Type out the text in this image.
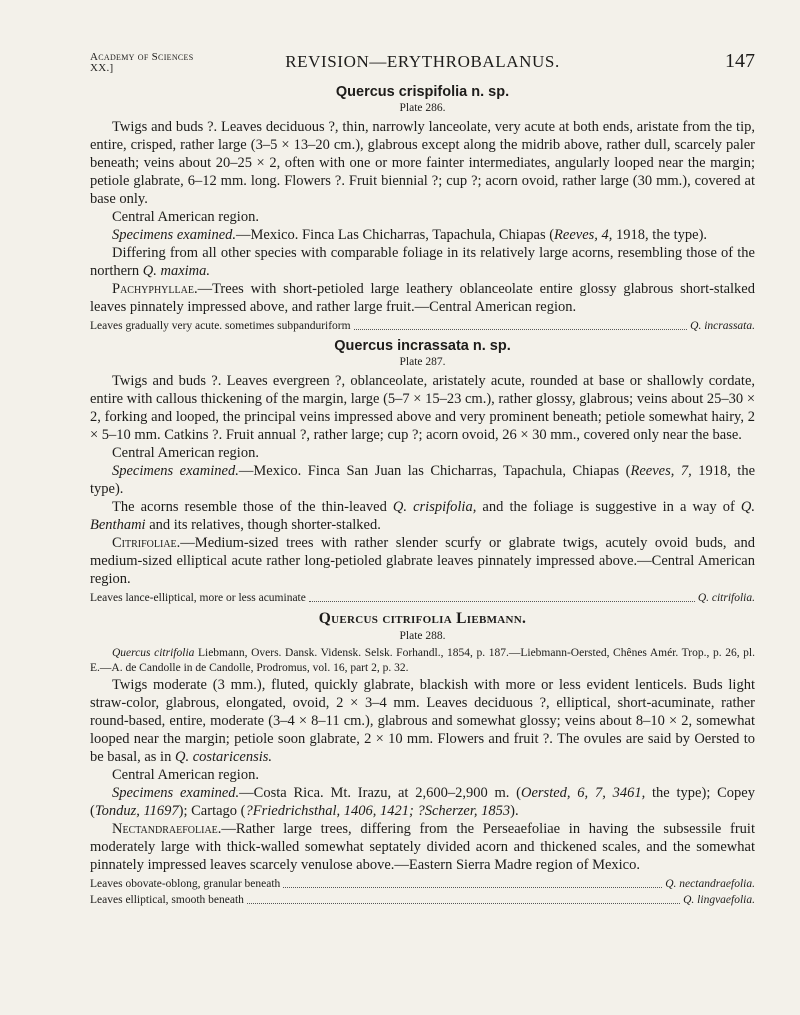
Academy of Sciences
XX.]	REVISION—ERYTHROBALANUS.	147
Quercus crispifolia n. sp.
Plate 286.

Twigs and buds ?. Leaves deciduous ?, thin, narrowly lanceolate, very acute at both ends, aristate from the tip, entire, crisped, rather large (3–5 × 13–20 cm.), glabrous except along the midrib above, rather dull, scarcely paler beneath; veins about 20–25 × 2, often with one or more fainter intermediates, angularly looped near the margin; petiole glabrate, 6–12 mm. long. Flowers ?. Fruit biennial ?; cup ?; acorn ovoid, rather large (30 mm.), covered at base only.

Central American region.

Specimens examined.—Mexico. Finca Las Chicharras, Tapachula, Chiapas (Reeves, 4, 1918, the type).

Differing from all other species with comparable foliage in its relatively large acorns, resembling those of the northern Q. maxima.

Pachyphyllae.—Trees with short-petioled large leathery oblanceolate entire glossy glabrous short-stalked leaves pinnately impressed above, and rather large fruit.—Central American region.

Leaves gradually very acute. sometimes subpanduriform	Q. incrassata.
Quercus incrassata n. sp.
Plate 287.

Twigs and buds ?. Leaves evergreen ?, oblanceolate, aristately acute, rounded at base or shallowly cordate, entire with callous thickening of the margin, large (5–7 × 15–23 cm.), rather glossy, glabrous; veins about 25–30 × 2, forking and looped, the principal veins impressed above and very prominent beneath; petiole somewhat hairy, 2 × 5–10 mm. Catkins ?. Fruit annual ?, rather large; cup ?; acorn ovoid, 26 × 30 mm., covered only near the base.

Central American region.

Specimens examined.—Mexico. Finca San Juan las Chicharras, Tapachula, Chiapas (Reeves, 7, 1918, the type).

The acorns resemble those of the thin-leaved Q. crispifolia, and the foliage is suggestive in a way of Q. Benthami and its relatives, though shorter-stalked.

Citrifoliae.—Medium-sized trees with rather slender scurfy or glabrate twigs, acutely ovoid buds, and medium-sized elliptical acute rather long-petioled glabrate leaves pinnately impressed above.—Central American region.

Leaves lance-elliptical, more or less acuminate	Q. citrifolia.
Quercus citrifolia Liebmann.
Plate 288.

Quercus citrifolia Liebmann, Overs. Dansk. Vidensk. Selsk. Forhandl., 1854, p. 187.—Liebmann-Oersted, Chênes Amér. Trop., p. 26, pl. E.—A. de Candolle in de Candolle, Prodromus, vol. 16, part 2, p. 32.

Twigs moderate (3 mm.), fluted, quickly glabrate, blackish with more or less evident lenticels. Buds light straw-color, glabrous, elongated, ovoid, 2 × 3–4 mm. Leaves deciduous ?, elliptical, short-acuminate, rather round-based, entire, moderate (3–4 × 8–11 cm.), glabrous and somewhat glossy; veins about 8–10 × 2, somewhat looped near the margin; petiole soon glabrate, 2 × 10 mm. Flowers and fruit ?. The ovules are said by Oersted to be basal, as in Q. costaricensis.

Central American region.

Specimens examined.—Costa Rica. Mt. Irazu, at 2,600–2,900 m. (Oersted, 6, 7, 3461, the type); Copey (Tonduz, 11697); Cartago (?Friedrichsthal, 1406, 1421; ?Scherzer, 1853).

Nectandraefoliae.—Rather large trees, differing from the Perseaefoliae in having the subsessile fruit moderately large with thick-walled somewhat septately divided acorn and thickened scales, and the somewhat pinnately impressed leaves scarcely venulose above.—Eastern Sierra Madre region of Mexico.

Leaves obovate-oblong, granular beneath	Q. nectandraefolia.
Leaves elliptical, smooth beneath	Q. lingvaefolia.
